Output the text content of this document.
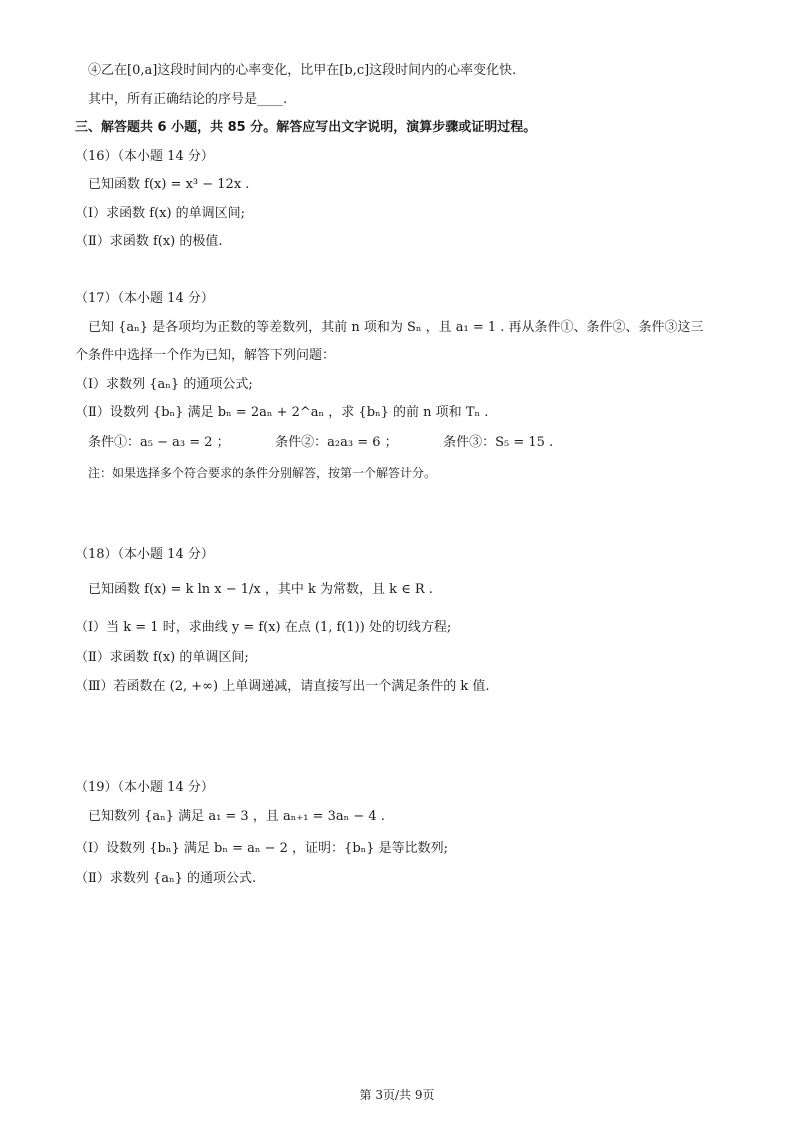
④乙在[0,a]这段时间内的心率变化，比甲在[b,c]这段时间内的心率变化快.
其中，所有正确结论的序号是____.
三、解答题共 6 小题，共 85 分。解答应写出文字说明，演算步骤或证明过程。
（16）（本小题 14 分）
已知函数 f(x) = x³ − 12x .
（Ⅰ）求函数 f(x) 的单调区间;
（Ⅱ）求函数 f(x) 的极值.
（17）（本小题 14 分）
已知 {aₙ} 是各项均为正数的等差数列，其前 n 项和为 Sₙ ，且 a₁ = 1 . 再从条件①、条件②、条件③这三
个条件中选择一个作为已知，解答下列问题：
（Ⅰ）求数列 {aₙ} 的通项公式;
（Ⅱ）设数列 {bₙ} 满足 bₙ = 2aₙ + 2^aₙ ，求 {bₙ} 的前 n 项和 Tₙ .
条件①：a₅ − a₃ = 2 ；　　　　条件②：a₂a₃ = 6 ；　　　　条件③：S₅ = 15 .
注：如果选择多个符合要求的条件分别解答，按第一个解答计分。
（18）（本小题 14 分）
已知函数 f(x) = k ln x − 1/x ，其中 k 为常数，且 k ∈ R .
（Ⅰ）当 k = 1 时，求曲线 y = f(x) 在点 (1, f(1)) 处的切线方程;
（Ⅱ）求函数 f(x) 的单调区间;
（Ⅲ）若函数在 (2, +∞) 上单调递减，请直接写出一个满足条件的 k 值.
（19）（本小题 14 分）
已知数列 {aₙ} 满足 a₁ = 3 ，且 aₙ₊₁ = 3aₙ − 4 .
（Ⅰ）设数列 {bₙ} 满足 bₙ = aₙ − 2 ，证明：{bₙ} 是等比数列;
（Ⅱ）求数列 {aₙ} 的通项公式.
第 3页/共 9页
